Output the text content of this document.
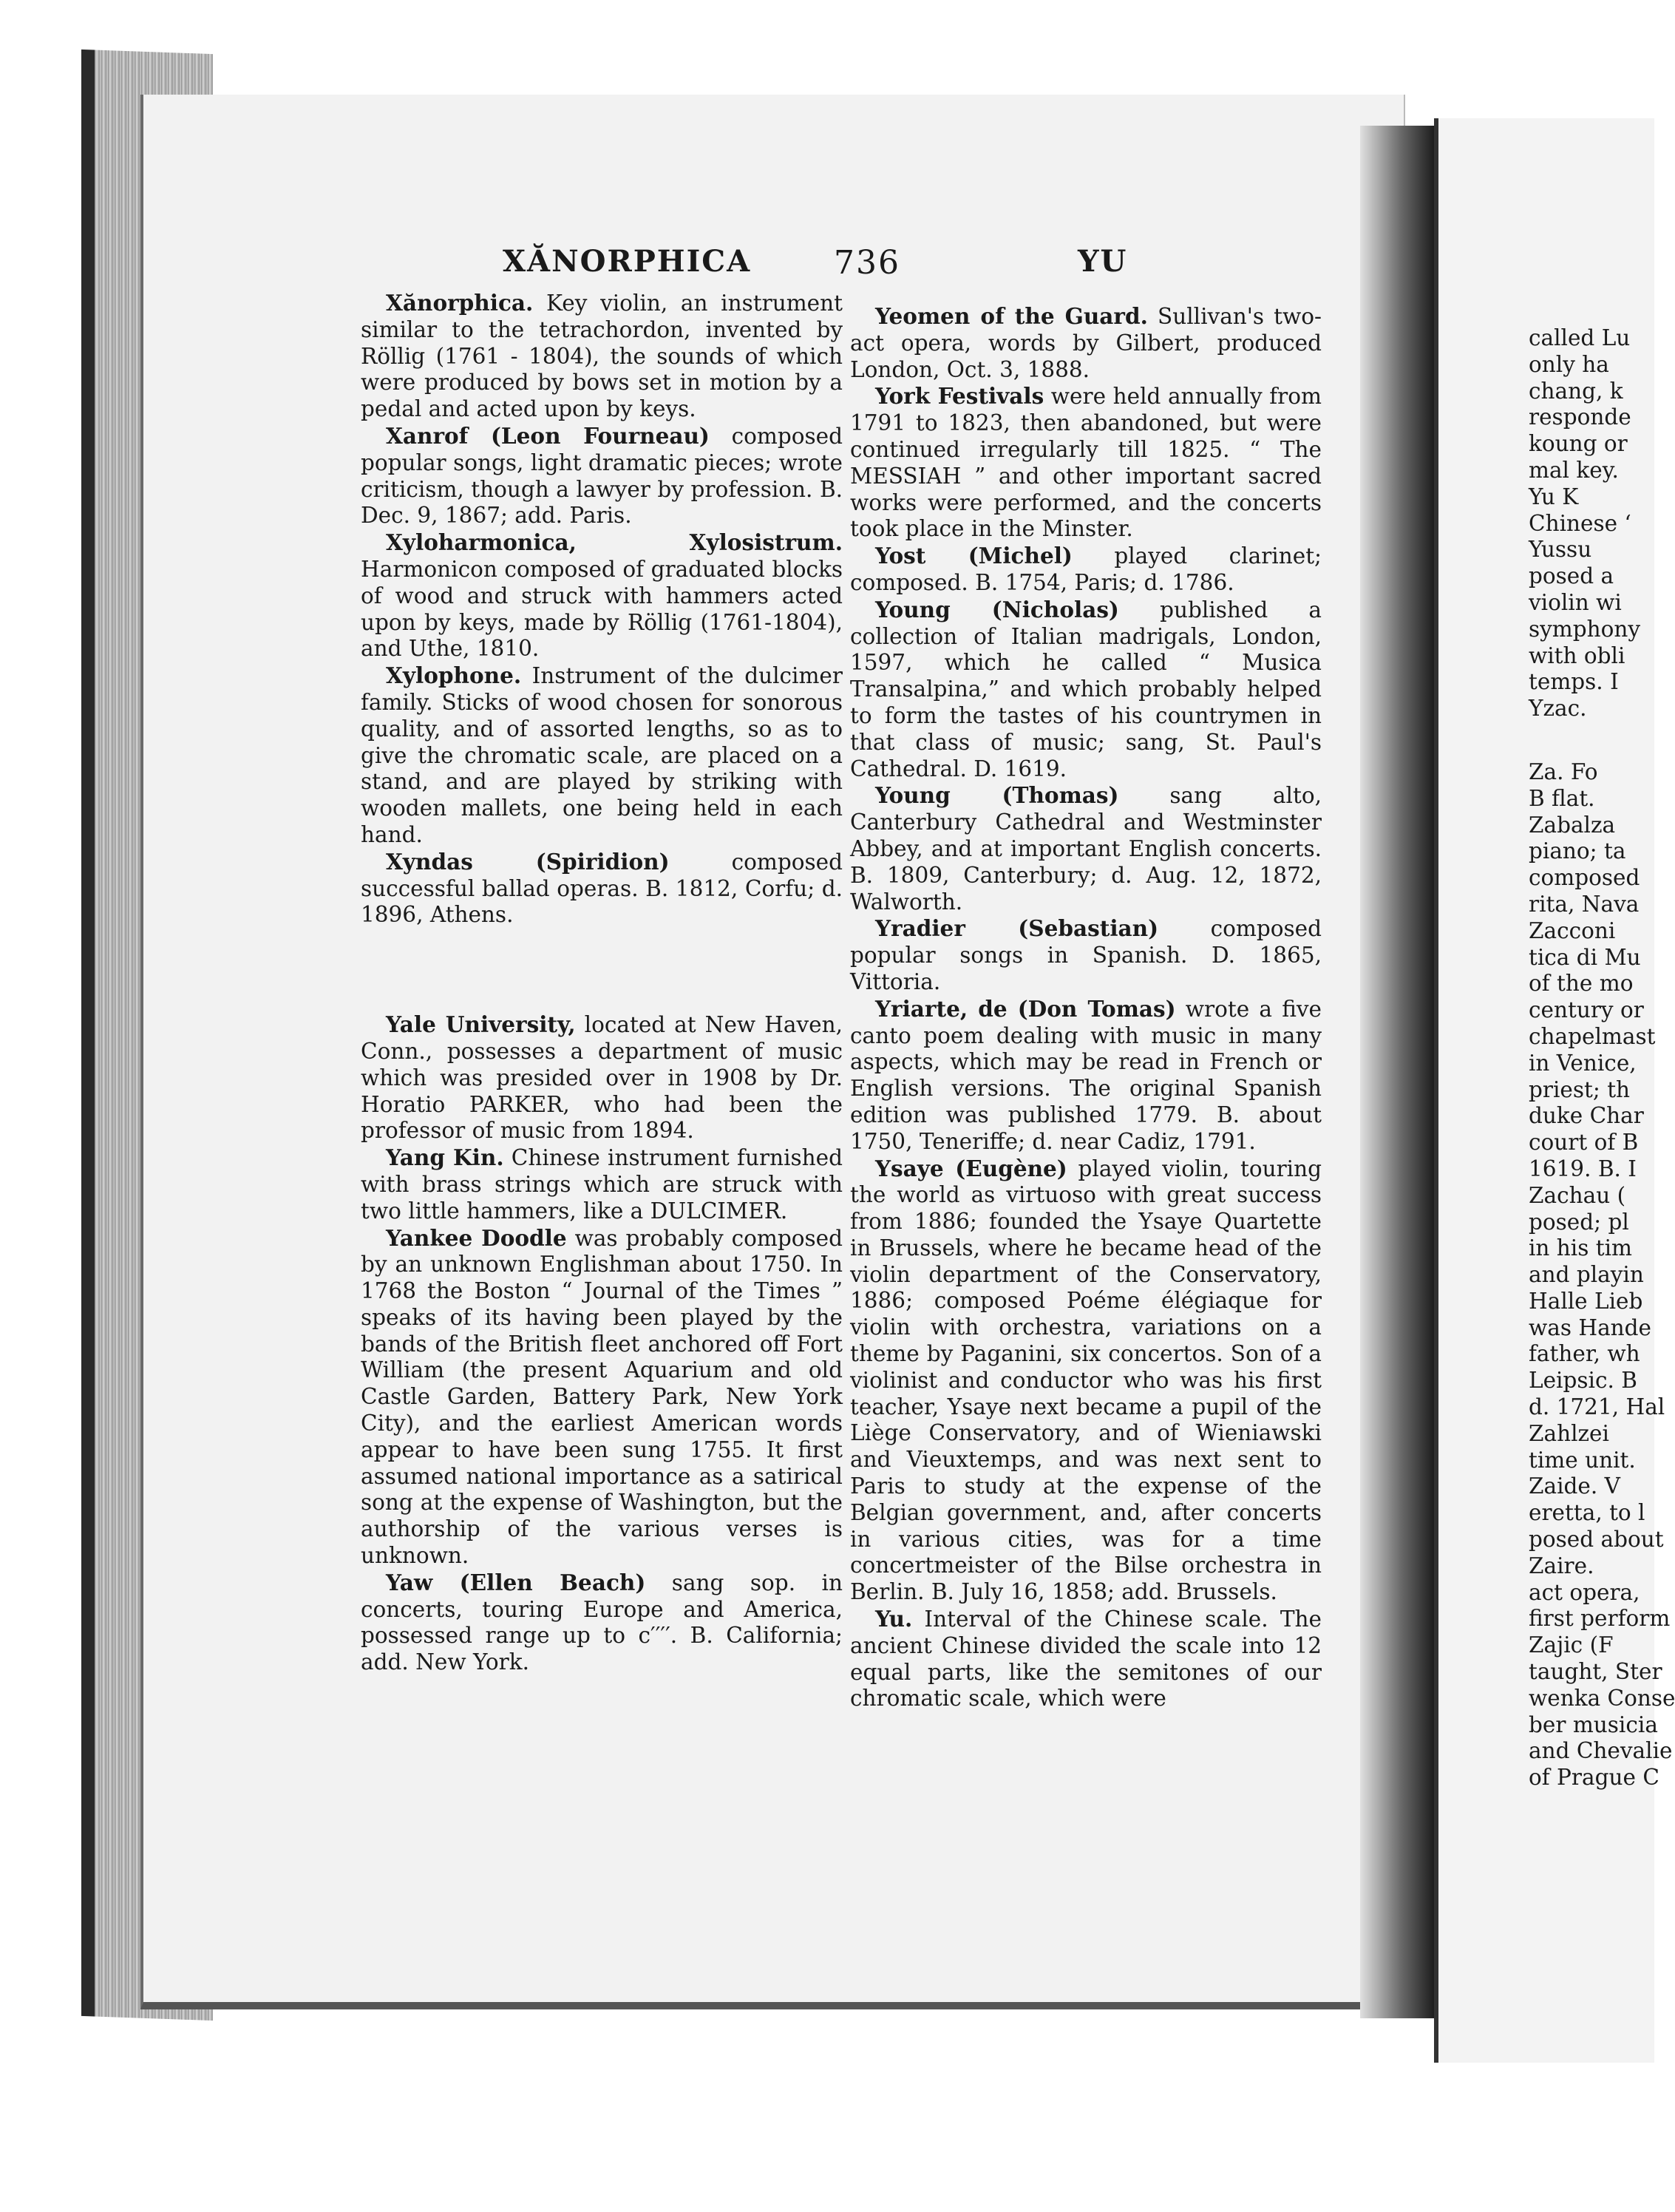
XĂNORPHICA	736	YU

Xănorphica. Key violin, an instrument similar to the tetrachordon, invented by Röllig (1761 - 1804), the sounds of which were produced by bows set in motion by a pedal and acted upon by keys.

Xanrof (Leon Fourneau) composed popular songs, light dramatic pieces; wrote criticism, though a lawyer by profession. B. Dec. 9, 1867; add. Paris.

Xyloharmonica, Xylosistrum. Harmonicon composed of graduated blocks of wood and struck with hammers acted upon by keys, made by Röllig (1761-1804), and Uthe, 1810.

Xylophone. Instrument of the dulcimer family. Sticks of wood chosen for sonorous quality, and of assorted lengths, so as to give the chromatic scale, are placed on a stand, and are played by striking with wooden mallets, one being held in each hand.

Xyndas (Spiridion) composed successful ballad operas. B. 1812, Corfu; d. 1896, Athens.

Yale University, located at New Haven, Conn., possesses a department of music which was presided over in 1908 by Dr. Horatio PARKER, who had been the professor of music from 1894.

Yang Kin. Chinese instrument furnished with brass strings which are struck with two little hammers, like a DULCIMER.

Yankee Doodle was probably composed by an unknown Englishman about 1750. In 1768 the Boston “ Journal of the Times ” speaks of its having been played by the bands of the British fleet anchored off Fort William (the present Aquarium and old Castle Garden, Battery Park, New York City), and the earliest American words appear to have been sung 1755. It first assumed national importance as a satirical song at the expense of Washington, but the authorship of the various verses is unknown.

Yaw (Ellen Beach) sang sop. in concerts, touring Europe and America, possessed range up to c′′′′. B. California; add. New York.

Yeomen of the Guard. Sullivan's two-act opera, words by Gilbert, produced London, Oct. 3, 1888.

York Festivals were held annually from 1791 to 1823, then abandoned, but were continued irregularly till 1825. “ The MESSIAH ” and other important sacred works were performed, and the concerts took place in the Minster.

Yost (Michel) played clarinet; composed. B. 1754, Paris; d. 1786.

Young (Nicholas) published a collection of Italian madrigals, London, 1597, which he called “ Musica Transalpina,” and which probably helped to form the tastes of his countrymen in that class of music; sang, St. Paul's Cathedral. D. 1619.

Young (Thomas) sang alto, Canterbury Cathedral and Westminster Abbey, and at important English concerts. B. 1809, Canterbury; d. Aug. 12, 1872, Walworth.

Yradier (Sebastian) composed popular songs in Spanish. D. 1865, Vittoria.

Yriarte, de (Don Tomas) wrote a five canto poem dealing with music in many aspects, which may be read in French or English versions. The original Spanish edition was published 1779. B. about 1750, Teneriffe; d. near Cadiz, 1791.

Ysaye (Eugène) played violin, touring the world as virtuoso with great success from 1886; founded the Ysaye Quartette in Brussels, where he became head of the violin department of the Conservatory, 1886; composed Poéme élégiaque for violin with orchestra, variations on a theme by Paganini, six concertos. Son of a violinist and conductor who was his first teacher, Ysaye next became a pupil of the Liège Conservatory, and of Wieniawski and Vieuxtemps, and was next sent to Paris to study at the expense of the Belgian government, and, after concerts in various cities, was for a time concertmeister of the Bilse orchestra in Berlin. B. July 16, 1858; add. Brussels.

Yu. Interval of the Chinese scale. The ancient Chinese divided the scale into 12 equal parts, like the semitones of our chromatic scale, which were

called Lu
only ha
chang, k
responde
koung or
mal key.
Yu K
Chinese ‘
Yussu
posed a
violin wi
symphony
with obli
temps. I
Yzac.
Za. Fo
B flat.
Zabalza
piano; ta
composed
rita, Nava
Zacconi
tica di Mu
of the mo
century or
chapelmast
in Venice,
priest; th
duke Char
court of B
1619. B. I
Zachau (
posed; pl
in his tim
and playin
Halle Lieb
was Hande
father, wh
Leipsic. B
d. 1721, Hal
Zahlzei
time unit.
Zaide. V
eretta, to l
posed about
Zaire.
act opera,
first perform
Zajic (F
taught, Ster
wenka Conse
ber musicia
and Chevalie
of Prague C
